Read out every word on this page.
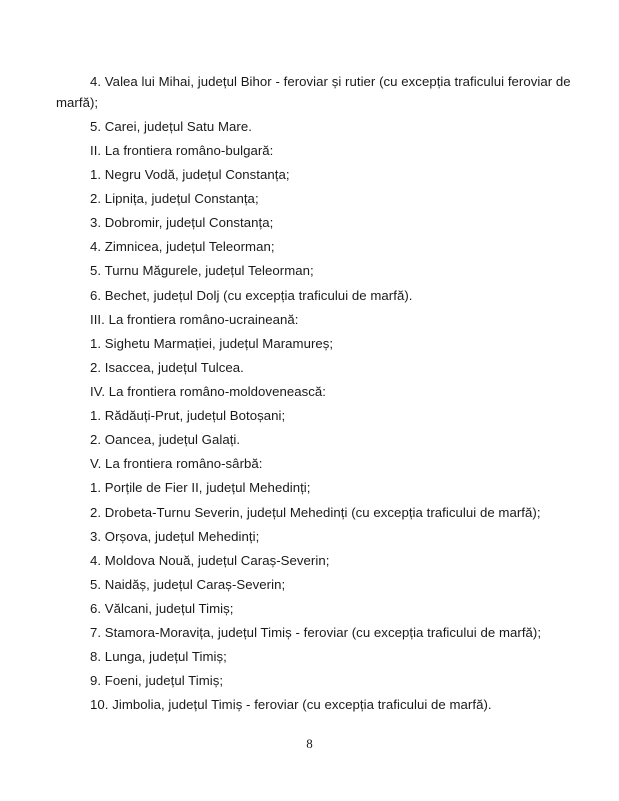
4. Valea lui Mihai, județul Bihor - feroviar și rutier (cu excepția traficului feroviar de
marfă);
5. Carei, județul Satu Mare.
II. La frontiera româno-bulgară:
1. Negru Vodă, județul Constanța;
2. Lipnița, județul Constanța;
3. Dobromir, județul Constanța;
4. Zimnicea, județul Teleorman;
5. Turnu Măgurele, județul Teleorman;
6. Bechet, județul Dolj (cu excepția traficului de marfă).
III. La frontiera româno-ucraineană:
1. Sighetu Marmației, județul Maramureș;
2. Isaccea, județul Tulcea.
IV. La frontiera româno-moldovenească:
1. Rădăuți-Prut, județul Botoșani;
2. Oancea, județul Galați.
V. La frontiera româno-sârbă:
1. Porțile de Fier II, județul Mehedinți;
2. Drobeta-Turnu Severin, județul Mehedinți (cu excepția traficului de marfă);
3. Orșova, județul Mehedinți;
4. Moldova Nouă, județul Caraș-Severin;
5. Naidăș, județul Caraș-Severin;
6. Vălcani, județul Timiș;
7. Stamora-Moravița, județul Timiș - feroviar (cu excepția traficului de marfă);
8. Lunga, județul Timiș;
9. Foeni, județul Timiș;
10. Jimbolia, județul Timiș - feroviar (cu excepția traficului de marfă).
8
